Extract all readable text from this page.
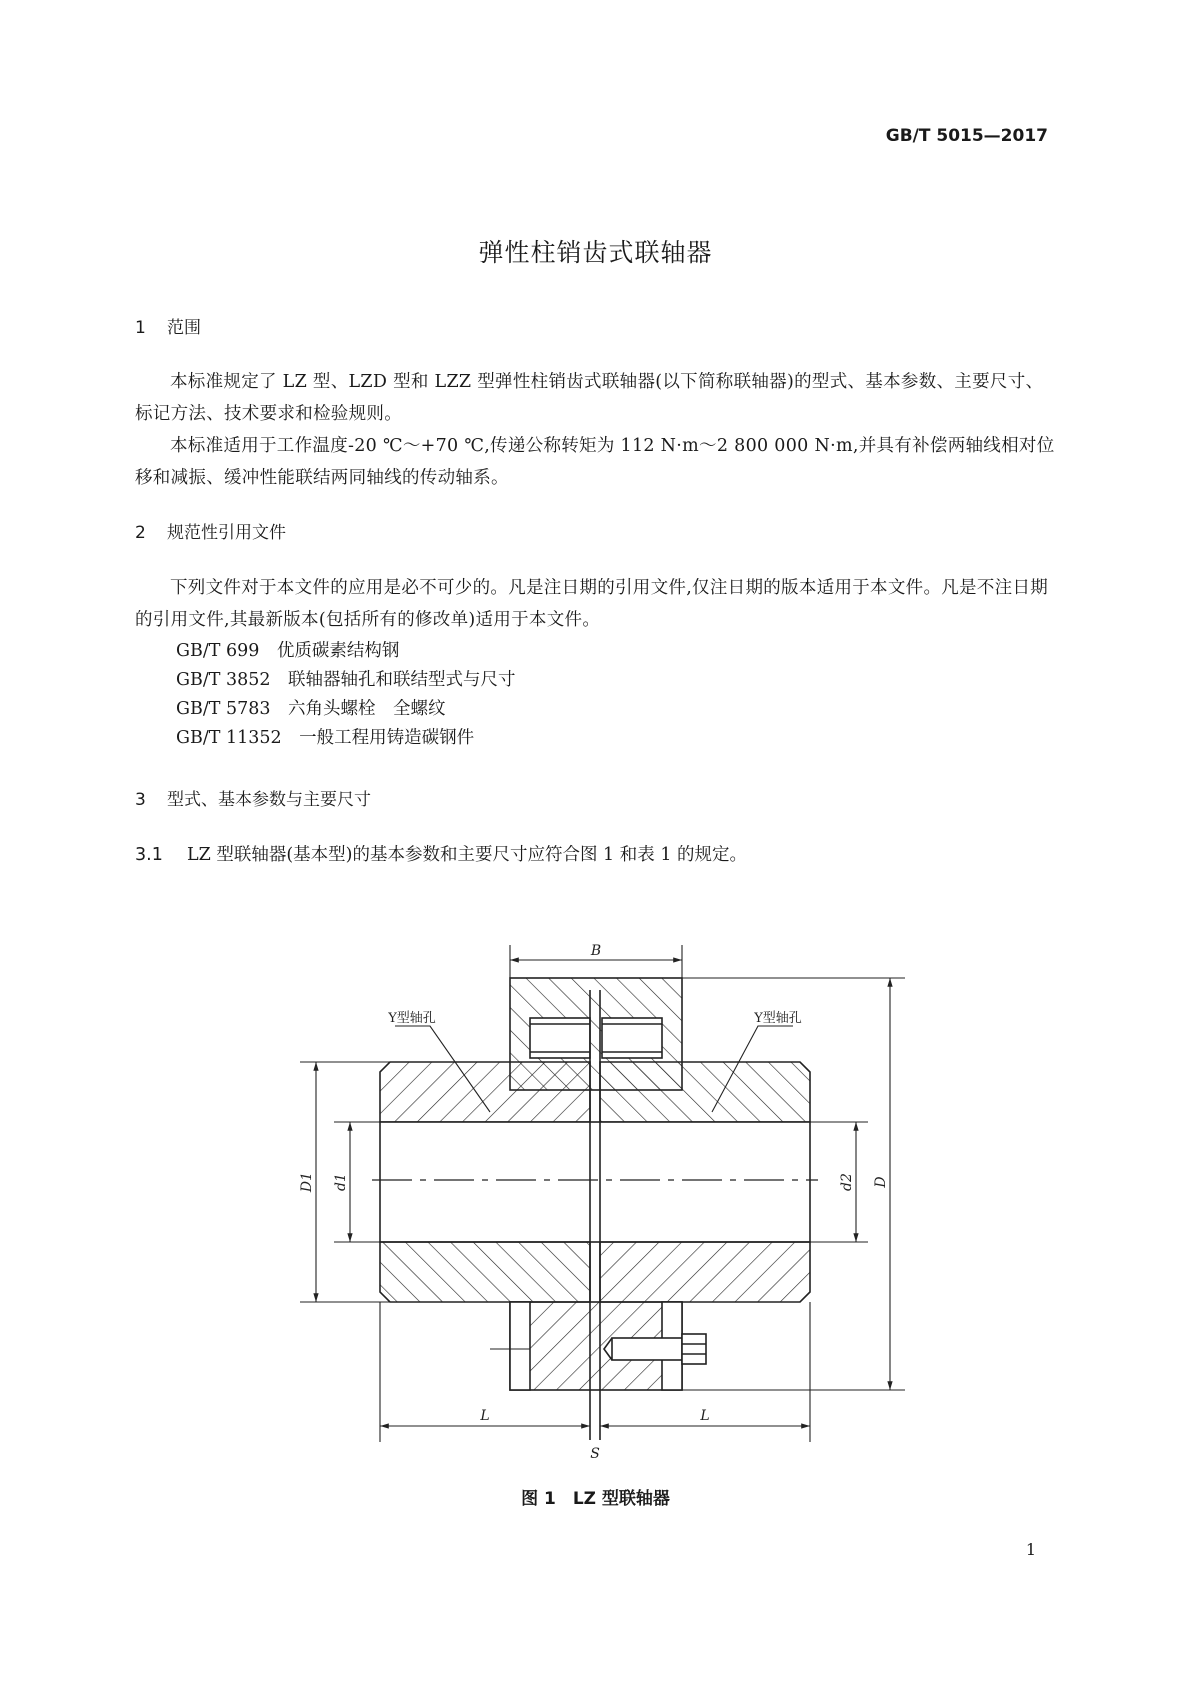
GB/T 5015—2017
弹性柱销齿式联轴器
1 范围

本标准规定了 LZ 型、LZD 型和 LZZ 型弹性柱销齿式联轴器(以下简称联轴器)的型式、基本参数、主要尺寸、标记方法、技术要求和检验规则。

本标准适用于工作温度-20 ℃～+70 ℃,传递公称转矩为 112 N·m～2 800 000 N·m,并具有补偿两轴线相对位移和减振、缓冲性能联结两同轴线的传动轴系。

2 规范性引用文件

下列文件对于本文件的应用是必不可少的。凡是注日期的引用文件,仅注日期的版本适用于本文件。凡是不注日期的引用文件,其最新版本(包括所有的修改单)适用于本文件。

GB/T 699　优质碳素结构钢
GB/T 3852　联轴器轴孔和联结型式与尺寸
GB/T 5783　六角头螺栓　全螺纹
GB/T 11352　一般工程用铸造碳钢件
3 型式、基本参数与主要尺寸
3.1 LZ 型联轴器(基本型)的基本参数和主要尺寸应符合图 1 和表 1 的规定。
B
L	L
S
D1 d1	d2 D
Y型轴孔	Y型轴孔
图 1　LZ 型联轴器
1
